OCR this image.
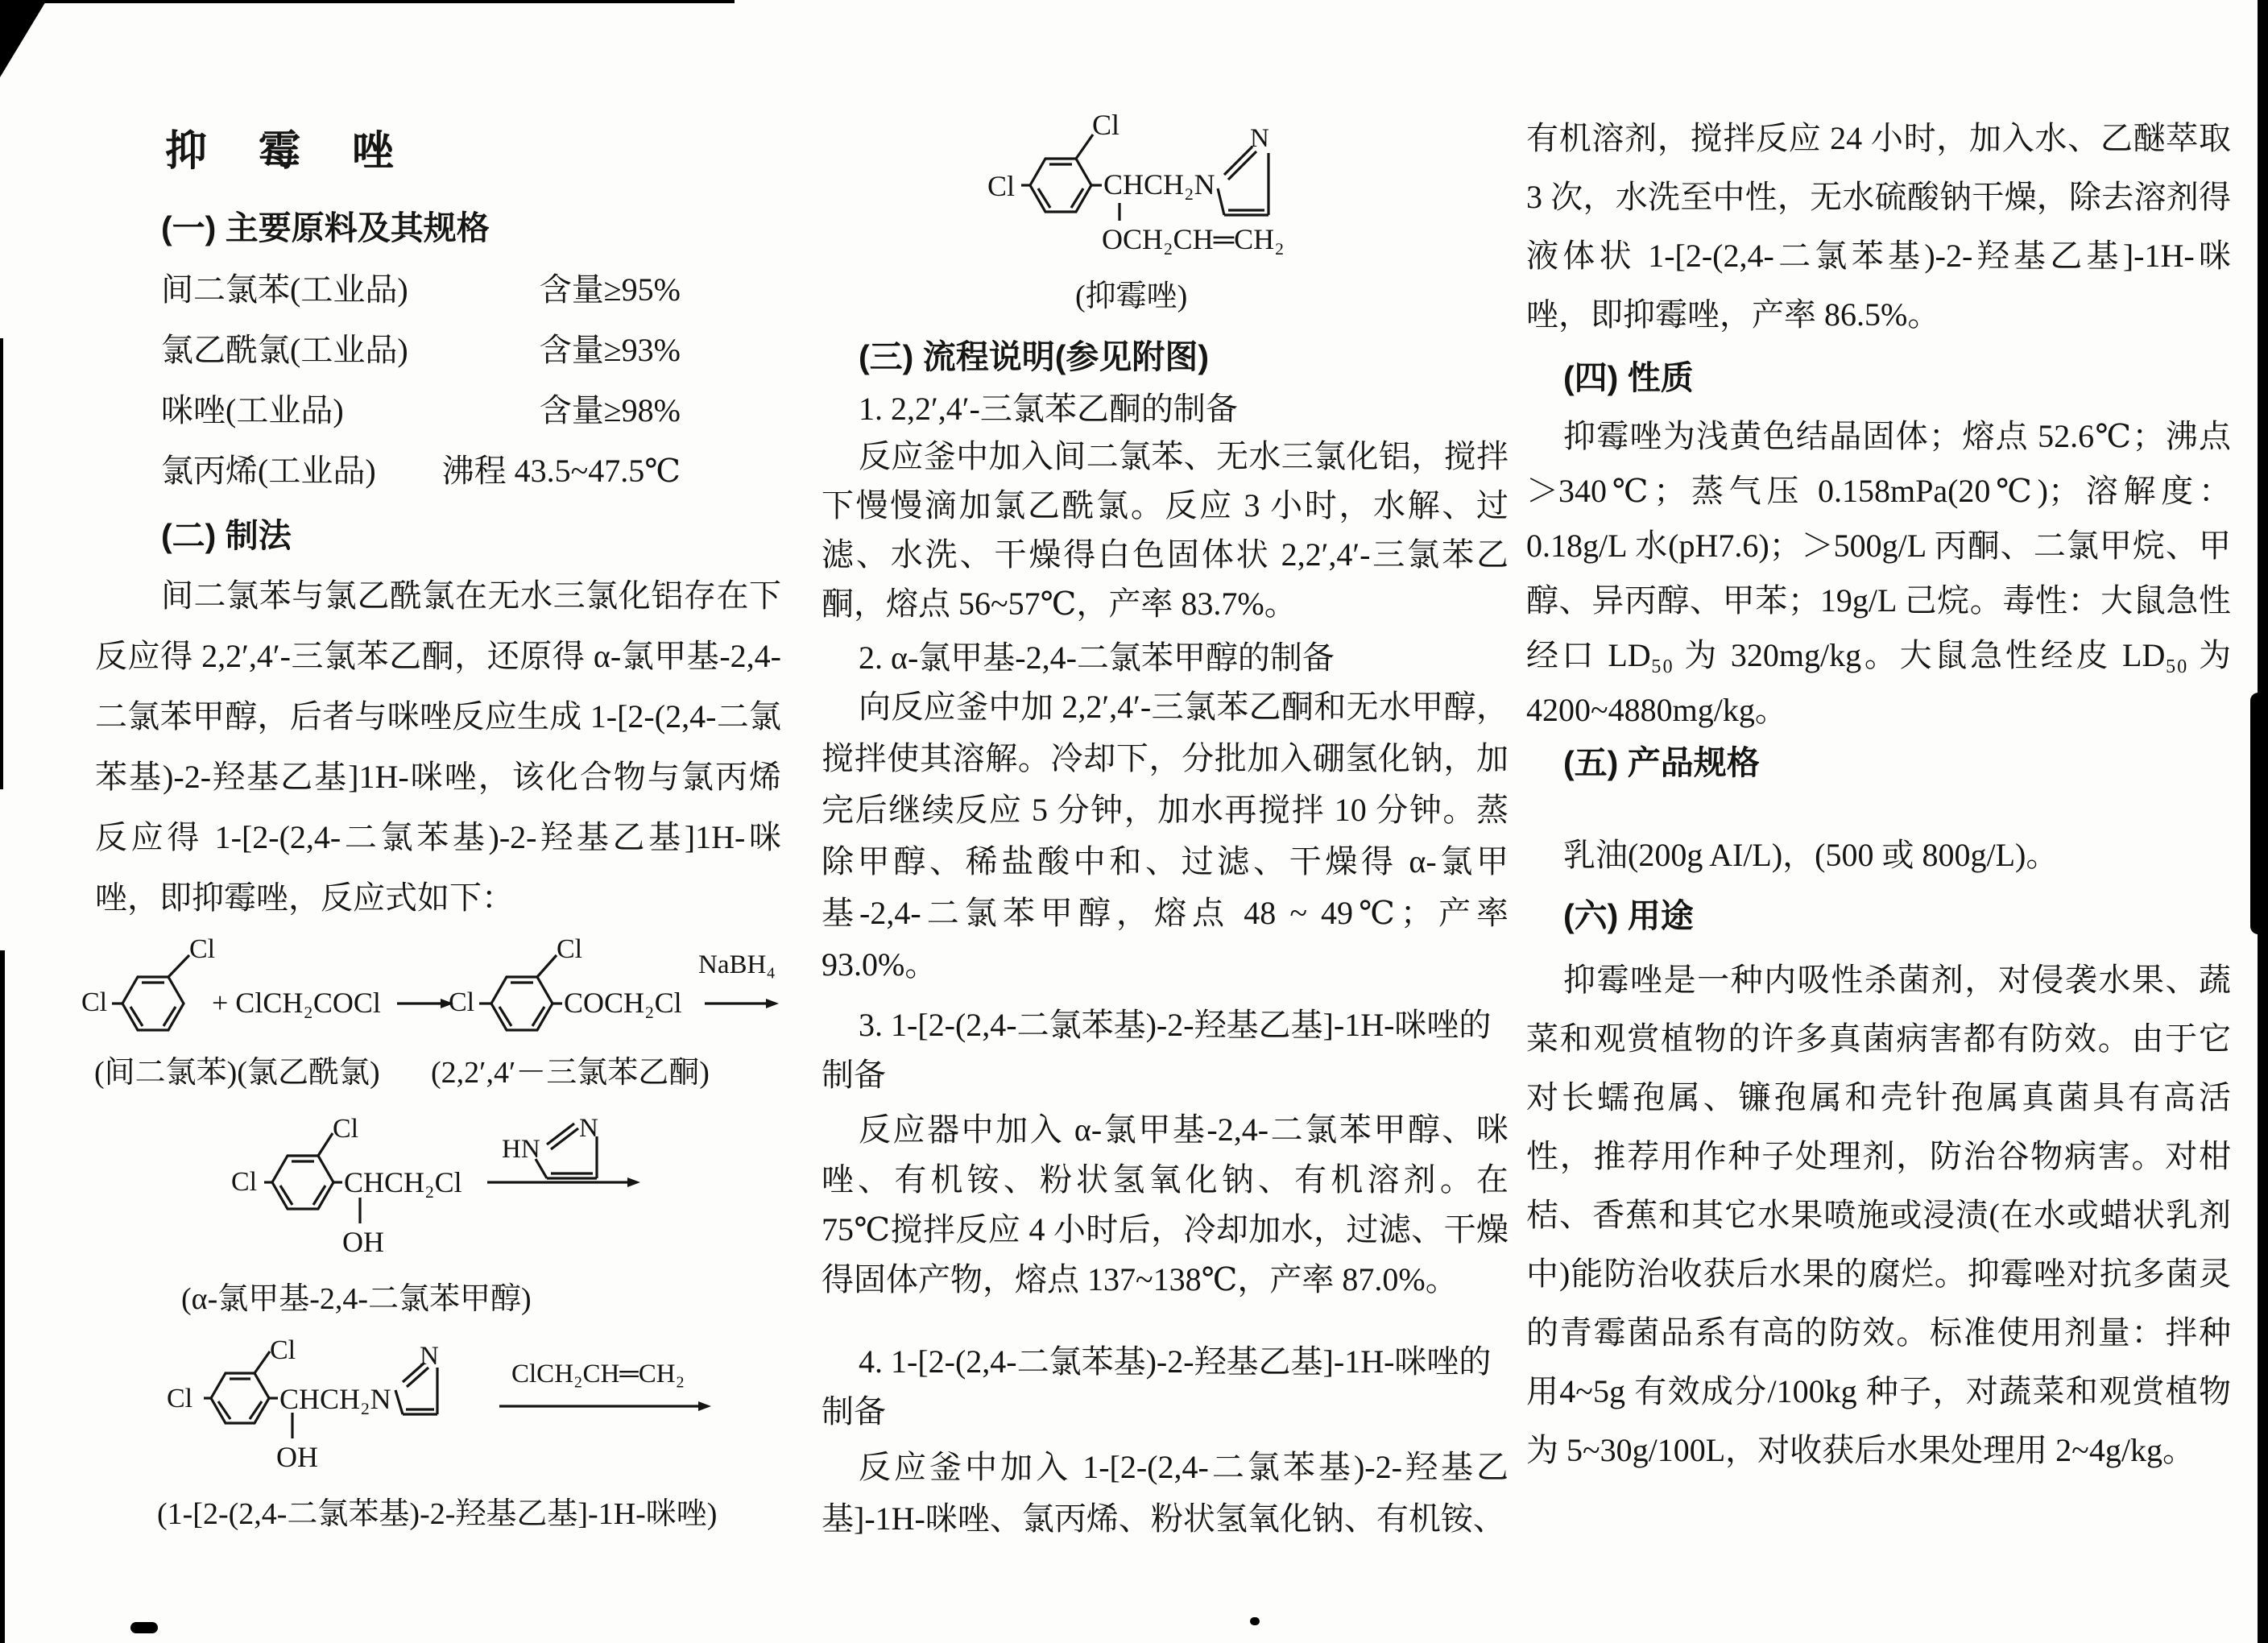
抑霉唑
(一) 主要原料及其规格
间二氯苯(工业品)	含量≥95%
氯乙酰氯(工业品)	含量≥93%
咪唑(工业品)	含量≥98%
氯丙烯(工业品) 沸程 43.5~47.5℃
(二) 制法
间二氯苯与氯乙酰氯在无水三氯化铝存在下反应得 2,2′,4′-三氯苯乙酮，还原得 α-氯甲基-2,4-二氯苯甲醇，后者与咪唑反应生成 1-[2-(2,4-二氯苯基)-2-羟基乙基]1H-咪唑，该化合物与氯丙烯反应得 1-[2-(2,4-二氯苯基)-2-羟基乙基]1H-咪唑，即抑霉唑，反应式如下：
Cl
Cl	+ ClCH₂COCl Cl
Cl
COCH₂Cl
NaBH₄
(间二氯苯)(氯乙酰氯) (2,2′,4′－三氯苯乙酮)
Cl
Cl	CHCH₂Cl
OH
HN
N
(α-氯甲基-2,4-二氯苯甲醇)
Cl
Cl	CHCH₂N
OH
N
ClCH₂CH═CH₂
(1-[2-(2,4-二氯苯基)-2-羟基乙基]-1H-咪唑)
Cl
Cl	CHCH₂N
N
OCH₂CH═CH₂
(抑霉唑)
(三) 流程说明(参见附图)
1. 2,2′,4′-三氯苯乙酮的制备
反应釜中加入间二氯苯、无水三氯化铝，搅拌下慢慢滴加氯乙酰氯。反应 3 小时，水解、过滤、水洗、干燥得白色固体状 2,2′,4′-三氯苯乙酮，熔点 56~57℃，产率 83.7%。
2. α-氯甲基-2,4-二氯苯甲醇的制备
向反应釜中加 2,2′,4′-三氯苯乙酮和无水甲醇，搅拌使其溶解。冷却下，分批加入硼氢化钠，加完后继续反应 5 分钟，加水再搅拌 10 分钟。蒸除甲醇、稀盐酸中和、过滤、干燥得 α-氯甲基-2,4-二氯苯甲醇，熔点 48 ~ 49℃；产率 93.0%。
3. 1-[2-(2,4-二氯苯基)-2-羟基乙基]-1H-咪唑的制备
反应器中加入 α-氯甲基-2,4-二氯苯甲醇、咪唑、有机铵、粉状氢氧化钠、有机溶剂。在 75℃搅拌反应 4 小时后，冷却加水，过滤、干燥得固体产物，熔点 137~138℃，产率 87.0%。
4. 1-[2-(2,4-二氯苯基)-2-羟基乙基]-1H-咪唑的制备
反应釜中加入 1-[2-(2,4-二氯苯基)-2-羟基乙基]-1H-咪唑、氯丙烯、粉状氢氧化钠、有机铵、
有机溶剂，搅拌反应 24 小时，加入水、乙醚萃取 3 次，水洗至中性，无水硫酸钠干燥，除去溶剂得液体状 1-[2-(2,4-二氯苯基)-2-羟基乙基]-1H-咪唑，即抑霉唑，产率 86.5%。
(四) 性质
抑霉唑为浅黄色结晶固体；熔点 52.6℃；沸点＞340℃；蒸气压 0.158mPa(20℃)；溶解度：0.18g/L 水(pH7.6)；＞500g/L 丙酮、二氯甲烷、甲醇、异丙醇、甲苯；19g/L 己烷。毒性：大鼠急性经口 LD₅₀ 为 320mg/kg。大鼠急性经皮 LD₅₀ 为 4200~4880mg/kg。
(五) 产品规格
乳油(200g AI/L)，(500 或 800g/L)。
(六) 用途
抑霉唑是一种内吸性杀菌剂，对侵袭水果、蔬菜和观赏植物的许多真菌病害都有防效。由于它对长蠕孢属、镰孢属和壳针孢属真菌具有高活性，推荐用作种子处理剂，防治谷物病害。对柑桔、香蕉和其它水果喷施或浸渍(在水或蜡状乳剂中)能防治收获后水果的腐烂。抑霉唑对抗多菌灵的青霉菌品系有高的防效。标准使用剂量：拌种用4~5g 有效成分/100kg 种子，对蔬菜和观赏植物为 5~30g/100L，对收获后水果处理用 2~4g/kg。
